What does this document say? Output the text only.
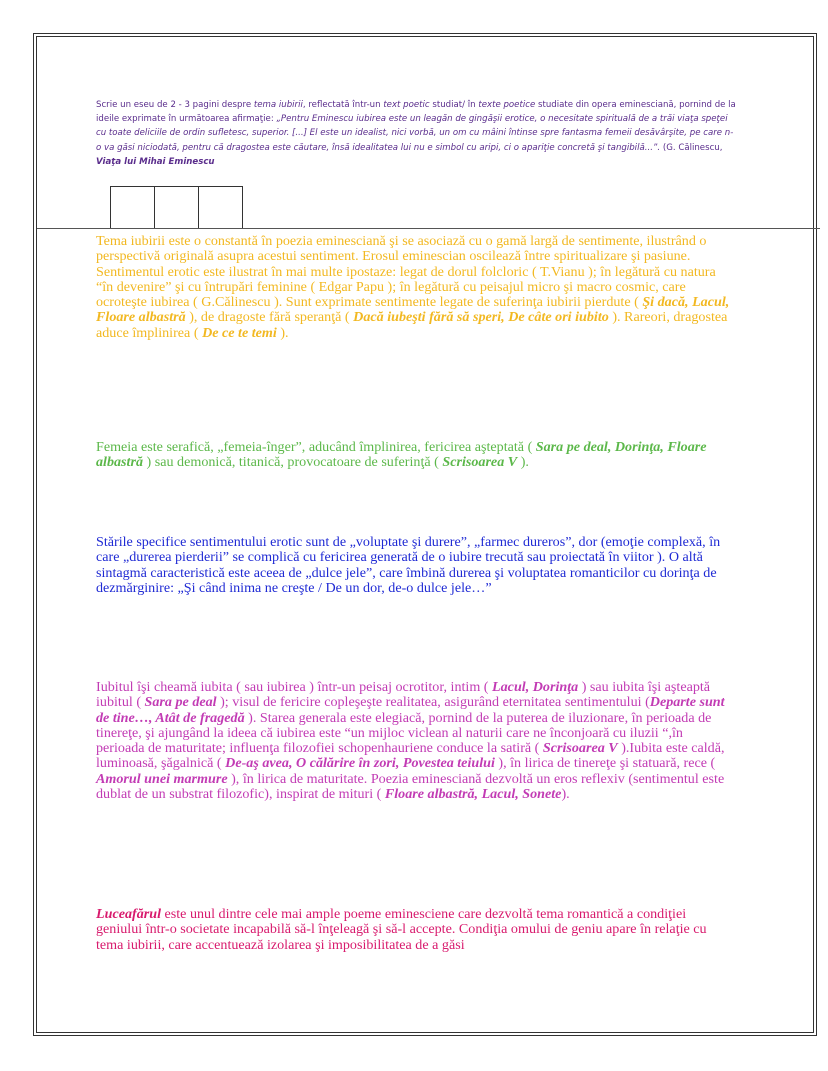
Scrie un eseu de 2 - 3 pagini despre tema iubirii, reflectată într-un text poetic studiat/ în texte poetice studiate din opera eminesciană, pornind de la ideile exprimate în următoarea afirmaţie: „Pentru Eminescu iubirea este un leagăn de gingăşii erotice, o necesitate spirituală de a trăi viaţa speţei cu toate deliciile de ordin sufletesc, superior. [...] El este un idealist, nici vorbă, un om cu mâini întinse spre fantasma femeii desăvârşite, pe care n-o va găsi niciodată, pentru că dragostea este căutare, însă idealitatea lui nu e simbol cu aripi, ci o apariţie concretă şi tangibilă...”. (G. Călinescu, Viaţa lui Mihai Eminescu
Tema iubirii este o constantă în poezia eminesciană şi se asociază cu o gamă largă de sentimente, ilustrând o perspectivă originală asupra acestui sentiment. Erosul eminescian oscilează între spiritualizare şi pasiune. Sentimentul erotic este ilustrat în mai multe ipostaze: legat de dorul folcloric ( T.Vianu ); în legătură cu natura “în devenire” şi cu întrupări feminine ( Edgar Papu ); în legătură cu peisajul micro şi macro cosmic, care ocroteşte iubirea ( G.Călinescu ). Sunt exprimate sentimente legate de suferinţa iubirii pierdute ( Şi dacă, Lacul, Floare albastră ), de dragoste fără speranţă ( Dacă iubeşti fără să speri, De câte ori iubito ). Rareori, dragostea aduce împlinirea ( De ce te temi ).
Femeia este serafică, „femeia-înger”, aducând împlinirea, fericirea aşteptată ( Sara pe deal, Dorinţa, Floare albastră ) sau demonică, titanică, provocatoare de suferinţă ( Scrisoarea V ).
Stările specifice sentimentului erotic sunt de „voluptate şi durere”, „farmec dureros”, dor (emoţie complexă, în care „durerea pierderii” se complică cu fericirea generată de o iubire trecută sau proiectată în viitor ). O altă sintagmă caracteristică este aceea de „dulce jele”, care îmbină durerea şi voluptatea romanticilor cu dorinţa de dezmărginire: „Şi când inima ne creşte / De un dor, de-o dulce jele…”
Iubitul îşi cheamă iubita ( sau iubirea ) într-un peisaj ocrotitor, intim ( Lacul, Dorinţa ) sau iubita îşi aşteaptă iubitul ( Sara pe deal ); visul de fericire copleşeşte realitatea, asigurând eternitatea sentimentului (Departe sunt de tine…, Atât de fragedă ). Starea generala este elegiacă, pornind de la puterea de iluzionare, în perioada de tinereţe, şi ajungând la ideea că iubirea este “un mijloc viclean al naturii care ne înconjoară cu iluzii “,în perioada de maturitate; influenţa filozofiei schopenhauriene conduce la satiră ( Scrisoarea V ).Iubita este caldă, luminoasă, şăgalnică ( De-aş avea, O călărire în zori, Povestea teiului ), în lirica de tinereţe şi statuară, rece ( Amorul unei marmure ), în lirica de maturitate. Poezia eminesciană dezvoltă un eros reflexiv (sentimentul este dublat de un substrat filozofic), inspirat de mituri ( Floare albastră, Lacul, Sonete).
Luceafărul este unul dintre cele mai ample poeme eminesciene care dezvoltă tema romantică a condiţiei geniului într-o societate incapabilă să-l înţeleagă şi să-l accepte. Condiţia omului de geniu apare în relaţie cu tema iubirii, care accentuează izolarea şi imposibilitatea de a găsi
